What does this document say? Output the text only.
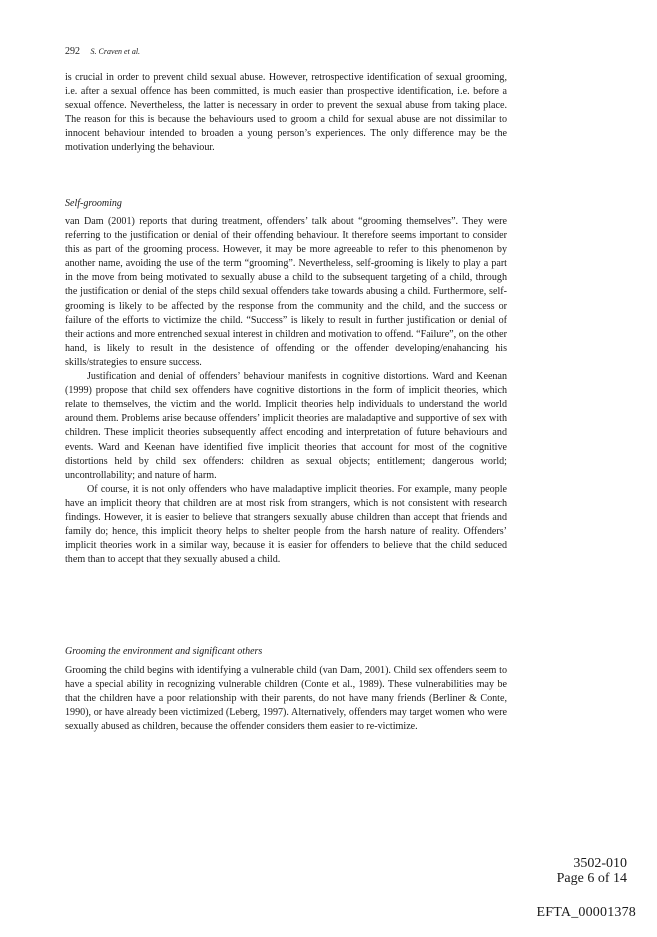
292 S. Craven et al.

is crucial in order to prevent child sexual abuse. However, retrospective identification of sexual grooming, i.e. after a sexual offence has been committed, is much easier than prospective identification, i.e. before a sexual offence. Nevertheless, the latter is necessary in order to prevent the sexual abuse from taking place. The reason for this is because the behaviours used to groom a child for sexual abuse are not dissimilar to innocent behaviour intended to broaden a young person’s experiences. The only difference may be the motivation underlying the behaviour.

Self-grooming

van Dam (2001) reports that during treatment, offenders’ talk about “grooming themselves”. They were referring to the justification or denial of their offending behaviour. It therefore seems important to consider this as part of the grooming process. However, it may be more agreeable to refer to this phenomenon by another name, avoiding the use of the term “grooming”. Nevertheless, self-grooming is likely to play a part in the move from being motivated to sexually abuse a child to the subsequent targeting of a child, through the justification or denial of the steps child sexual offenders take towards abusing a child. Furthermore, self-grooming is likely to be affected by the response from the community and the child, and the success or failure of the efforts to victimize the child. “Success” is likely to result in further justification or denial of their actions and more entrenched sexual interest in children and motivation to offend. “Failure”, on the other hand, is likely to result in the desistence of offending or the offender developing/enahancing his skills/strategies to ensure success.

Justification and denial of offenders’ behaviour manifests in cognitive distortions. Ward and Keenan (1999) propose that child sex offenders have cognitive distortions in the form of implicit theories, which relate to themselves, the victim and the world. Implicit theories help individuals to understand the world around them. Problems arise because offenders’ implicit theories are maladaptive and supportive of sex with children. These implicit theories subsequently affect encoding and interpretation of future behaviours and events. Ward and Keenan have identified five implicit theories that account for most of the cognitive distortions held by child sex offenders: children as sexual objects; entitlement; dangerous world; uncontrollability; and nature of harm.

Of course, it is not only offenders who have maladaptive implicit theories. For example, many people have an implicit theory that children are at most risk from strangers, which is not consistent with research findings. However, it is easier to believe that strangers sexually abuse children than accept that friends and family do; hence, this implicit theory helps to shelter people from the harsh nature of reality. Offenders’ implicit theories work in a similar way, because it is easier for offenders to believe that the child seduced them than to accept that they sexually abused a child.

Grooming the environment and significant others

Grooming the child begins with identifying a vulnerable child (van Dam, 2001). Child sex offenders seem to have a special ability in recognizing vulnerable children (Conte et al., 1989). These vulnerabilities may be that the children have a poor relationship with their parents, do not have many friends (Berliner & Conte, 1990), or have already been victimized (Leberg, 1997). Alternatively, offenders may target women who were sexually abused as children, because the offender considers them easier to re-victimize.

3502-010
Page 6 of 14
EFTA_00001378
